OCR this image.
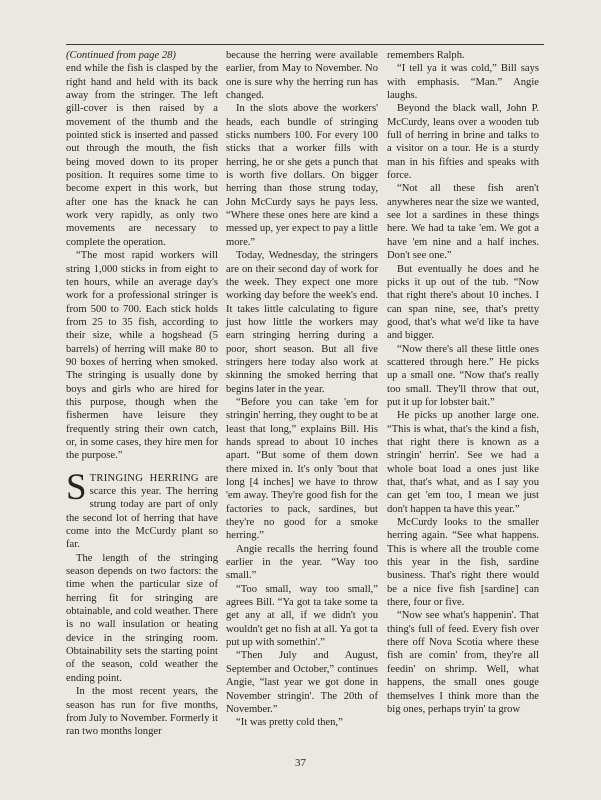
(Continued from page 28)

end while the fish is clasped by the right hand and held with its back away from the stringer. The left gill-cover is then raised by a movement of the thumb and the pointed stick is inserted and passed out through the mouth, the fish being moved down to its proper position. It requires some time to become expert in this work, but after one has the knack he can work very rapidly, as only two movements are necessary to complete the operation.

“The most rapid workers will string 1,000 sticks in from eight to ten hours, while an average day's work for a professional stringer is from 500 to 700. Each stick holds from 25 to 35 fish, according to their size, while a hogshead (5 barrels) of herring will make 80 to 90 boxes of herring when smoked. The stringing is usually done by boys and girls who are hired for this purpose, though when the fishermen have leisure they frequently string their own catch, or, in some cases, they hire men for the purpose.”

STRINGING HERRING are scarce this year. The herring strung today are part of only the second lot of herring that have come into the McCurdy plant so far.

The length of the stringing season depends on two factors: the time when the particular size of herring fit for stringing are obtainable, and cold weather. There is no wall insulation or heating device in the stringing room. Obtainability sets the starting point of the season, cold weather the ending point.

In the most recent years, the season has run for five months, from July to November. Formerly it ran two months longer

because the herring were available earlier, from May to November. No one is sure why the herring run has changed.

In the slots above the workers' heads, each bundle of stringing sticks numbers 100. For every 100 sticks that a worker fills with herring, he or she gets a punch that is worth five dollars. On bigger herring than those strung today, John McCurdy says he pays less. “Where these ones here are kind a messed up, yer expect to pay a little more.”

Today, Wednesday, the stringers are on their second day of work for the week. They expect one more working day before the week's end. It takes little calculating to figure just how little the workers may earn stringing herring during a poor, short season. But all five stringers here today also work at skinning the smoked herring that begins later in the year.

“Before you can take 'em for stringin' herring, they ought to be at least that long,” explains Bill. His hands spread to about 10 inches apart. “But some of them down there mixed in. It's only 'bout that long [4 inches] we have to throw 'em away. They're good fish for the factories to pack, sardines, but they're no good for a smoke herring.”

Angie recalls the herring found earlier in the year. “Way too small.”

“Too small, way too small,” agrees Bill. “Ya got ta take some ta get any at all, if we didn't you wouldn't get no fish at all. Ya got ta put up with somethin'.”

“Then July and August, September and October,” continues Angie, “last year we got done in November stringin'. The 20th of November.”

“It was pretty cold then,”

remembers Ralph.

“I tell ya it was cold,” Bill says with emphasis. “Man.” Angie laughs.

Beyond the black wall, John P. McCurdy, leans over a wooden tub full of herring in brine and talks to a visitor on a tour. He is a sturdy man in his fifties and speaks with force.

“Not all these fish aren't anywheres near the size we wanted, see lot a sardines in these things here. We had ta take 'em. We got a have 'em nine and a half inches. Don't see one.”

But eventually he does and he picks it up out of the tub. “Now that right there's about 10 inches. I can span nine, see, that's pretty good, that's what we'd like ta have and bigger.

“Now there's all these little ones scattered through here.” He picks up a small one. “Now that's really too small. They'll throw that out, put it up for lobster bait.”

He picks up another large one. “This is what, that's the kind a fish, that right there is known as a stringin' herrin'. See we had a whole boat load a ones just like that, that's what, and as I say you can get 'em too, I mean we just don't happen ta have this year.”

McCurdy looks to the smaller herring again. “See what happens. This is where all the trouble come this year in the fish, sardine business. That's right there would be a nice five fish [sardine] can there, four or five.

“Now see what's happenin'. That thing's full of feed. Every fish over there off Nova Scotia where these fish are comin' from, they're all feedin' on shrimp. Well, what happens, the small ones gouge themselves I think more than the big ones, perhaps tryin' ta grow

37
